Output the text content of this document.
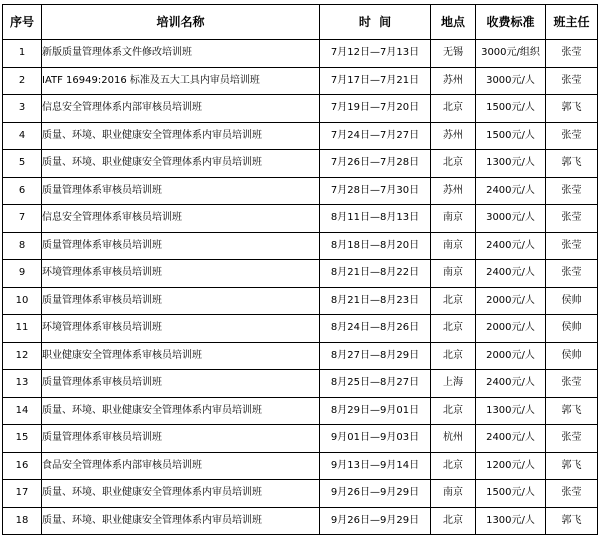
序号	培训名称	时  间	地点	收费标准	班主任
1	新版质量管理体系文件修改培训班	7月12日—7月13日	无锡	3000元/组织	张莹
2	IATF 16949:2016 标准及五大工具内审员培训班	7月17日—7月21日	苏州	3000元/人	张莹
3	信息安全管理体系内部审核员培训班	7月19日—7月20日	北京	1500元/人	郭飞
4	质量、环境、职业健康安全管理体系内审员培训班	7月24日—7月27日	苏州	1500元/人	张莹
5	质量、环境、职业健康安全管理体系内审员培训班	7月26日—7月28日	北京	1300元/人	郭飞
6	质量管理体系审核员培训班	7月28日—7月30日	苏州	2400元/人	张莹
7	信息安全管理体系审核员培训班	8月11日—8月13日	南京	3000元/人	张莹
8	质量管理体系审核员培训班	8月18日—8月20日	南京	2400元/人	张莹
9	环境管理体系审核员培训班	8月21日—8月22日	南京	2400元/人	张莹
10	质量管理体系审核员培训班	8月21日—8月23日	北京	2000元/人	侯帅
11	环境管理体系审核员培训班	8月24日—8月26日	北京	2000元/人	侯帅
12	职业健康安全管理体系审核员培训班	8月27日—8月29日	北京	2000元/人	侯帅
13	质量管理体系审核员培训班	8月25日—8月27日	上海	2400元/人	张莹
14	质量、环境、职业健康安全管理体系内审员培训班	8月29日—9月01日	北京	1300元/人	郭飞
15	质量管理体系审核员培训班	9月01日—9月03日	杭州	2400元/人	张莹
16	食品安全管理体系内部审核员培训班	9月13日—9月14日	北京	1200元/人	郭飞
17	质量、环境、职业健康安全管理体系内审员培训班	9月26日—9月29日	南京	1500元/人	张莹
18	质量、环境、职业健康安全管理体系内审员培训班	9月26日—9月29日	北京	1300元/人	郭飞
